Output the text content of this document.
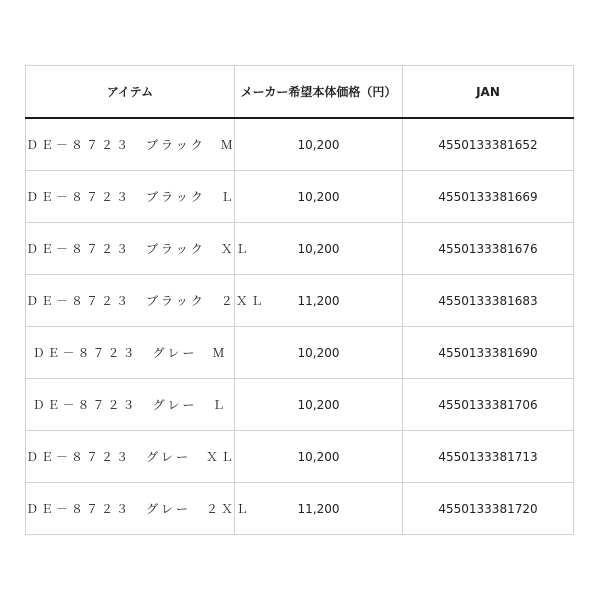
アイテム	メーカー希望本体価格（円）	JAN
ＤＥ－８７２３　ブラック　Ｍ	10,200	4550133381652
ＤＥ－８７２３　ブラック　Ｌ	10,200	4550133381669
ＤＥ－８７２３　ブラック　ＸＬ	10,200	4550133381676
ＤＥ－８７２３　ブラック　２ＸＬ	11,200	4550133381683
ＤＥ－８７２３　グレー　Ｍ	10,200	4550133381690
ＤＥ－８７２３　グレー　Ｌ	10,200	4550133381706
ＤＥ－８７２３　グレー　ＸＬ	10,200	4550133381713
ＤＥ－８７２３　グレー　２ＸＬ	11,200	4550133381720
